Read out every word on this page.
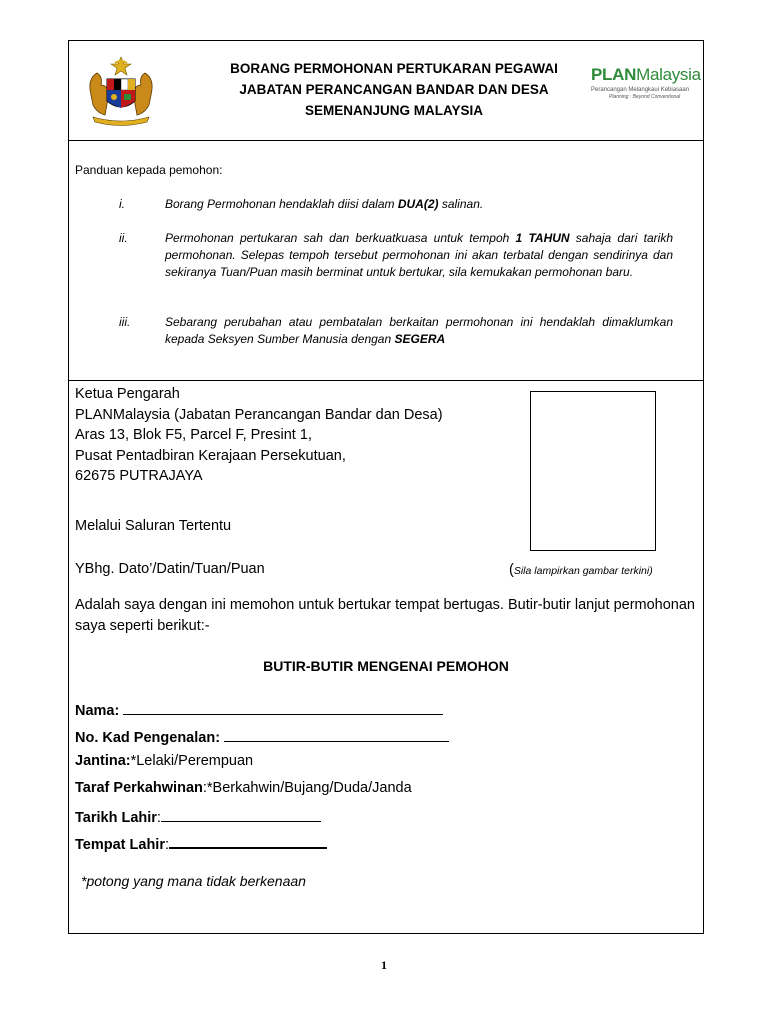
BORANG PERMOHONAN PERTUKARAN PEGAWAI
JABATAN PERANCANGAN BANDAR DAN DESA
SEMENANJUNG MALAYSIA
PLANMalaysia
Perancangan Melangkaui Kebiasaan
Planning : Beyond Conventional
Panduan kepada pemohon:
i.	Borang Permohonan hendaklah diisi dalam DUA(2) salinan.
ii.	Permohonan pertukaran sah dan berkuatkuasa untuk tempoh 1 TAHUN sahaja dari tarikh permohonan. Selepas tempoh tersebut permohonan ini akan terbatal dengan sendirinya dan sekiranya Tuan/Puan masih berminat untuk bertukar, sila kemukakan permohonan baru.
iii.	Sebarang perubahan atau pembatalan berkaitan permohonan ini hendaklah dimaklumkan kepada Seksyen Sumber Manusia dengan SEGERA
Ketua Pengarah
PLANMalaysia (Jabatan Perancangan Bandar dan Desa)
Aras 13, Blok F5, Parcel F, Presint 1,
Pusat Pentadbiran Kerajaan Persekutuan,
62675 PUTRAJAYA
Melalui Saluran Tertentu
YBhg. Dato’/Datin/Tuan/Puan	(Sila lampirkan gambar terkini)
Adalah saya dengan ini memohon untuk bertukar tempat bertugas. Butir-butir lanjut permohonan saya seperti berikut:-
BUTIR-BUTIR MENGENAI PEMOHON
Nama:
No. Kad Pengenalan:
Jantina:*Lelaki/Perempuan
Taraf Perkahwinan:*Berkahwin/Bujang/Duda/Janda
Tarikh Lahir:
Tempat Lahir:
*potong yang mana tidak berkenaan
1
